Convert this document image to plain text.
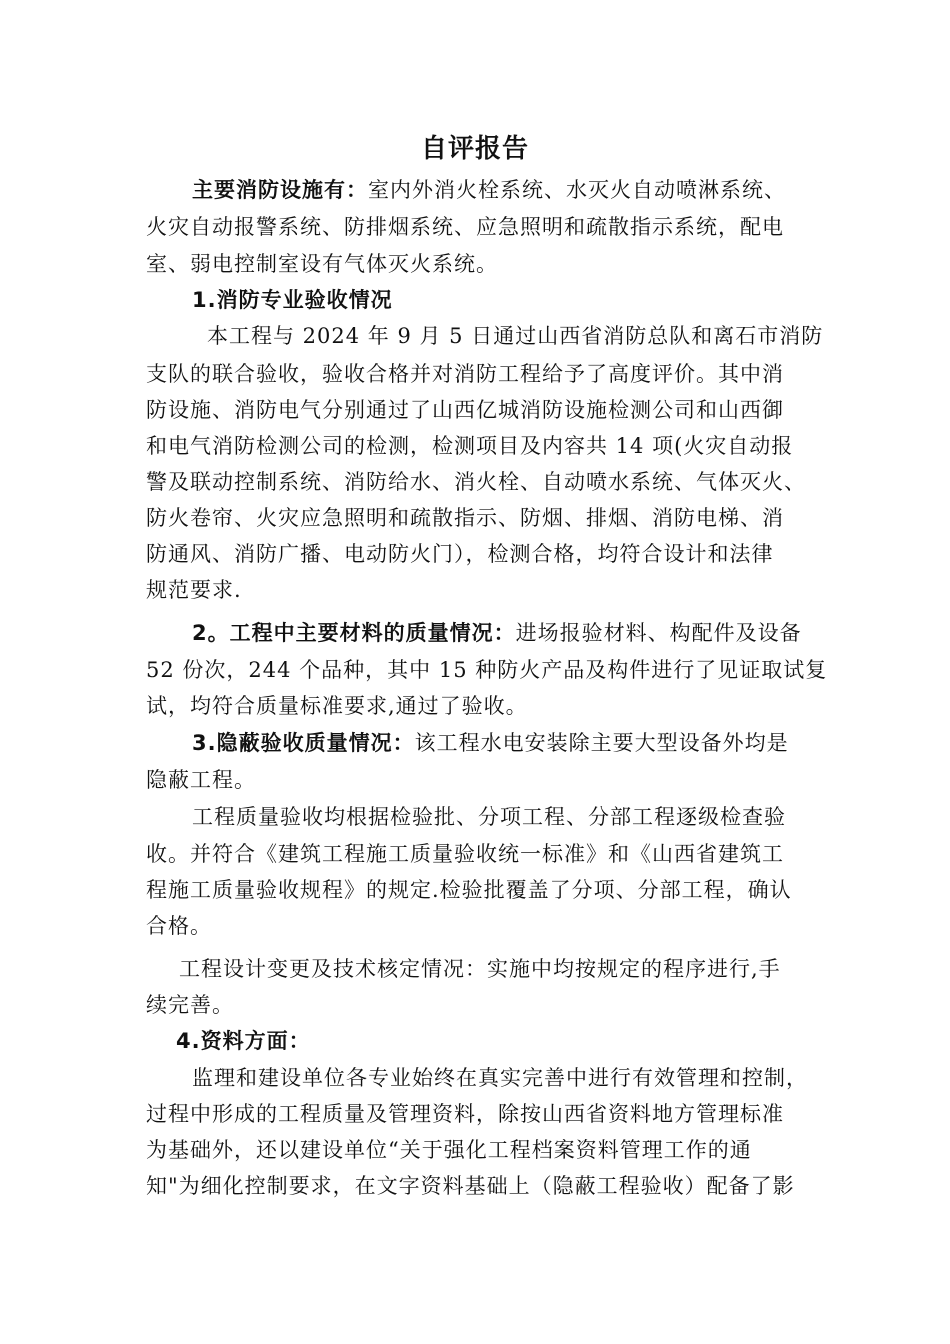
自评报告
主要消防设施有：室内外消火栓系统、水灭火自动喷淋系统、
火灾自动报警系统、防排烟系统、应急照明和疏散指示系统，配电
室、弱电控制室设有气体灭火系统。
1.消防专业验收情况
本工程与 2024 年 9 月 5 日通过山西省消防总队和离石市消防
支队的联合验收，验收合格并对消防工程给予了高度评价。其中消
防设施、消防电气分别通过了山西亿城消防设施检测公司和山西御
和电气消防检测公司的检测，检测项目及内容共 14 项(火灾自动报
警及联动控制系统、消防给水、消火栓、自动喷水系统、气体灭火、
防火卷帘、火灾应急照明和疏散指示、防烟、排烟、消防电梯、消
防通风、消防广播、电动防火门），检测合格，均符合设计和法律
规范要求.
2。工程中主要材料的质量情况：进场报验材料、构配件及设备
52 份次，244 个品种，其中 15 种防火产品及构件进行了见证取试复
试，均符合质量标准要求,通过了验收。
3.隐蔽验收质量情况：该工程水电安装除主要大型设备外均是
隐蔽工程。
工程质量验收均根据检验批、分项工程、分部工程逐级检查验
收。并符合《建筑工程施工质量验收统一标准》和《山西省建筑工
程施工质量验收规程》的规定.检验批覆盖了分项、分部工程，确认
合格。
工程设计变更及技术核定情况：实施中均按规定的程序进行,手
续完善。
4.资料方面：
监理和建设单位各专业始终在真实完善中进行有效管理和控制，
过程中形成的工程质量及管理资料，除按山西省资料地方管理标准
为基础外，还以建设单位“关于强化工程档案资料管理工作的通
知"为细化控制要求，在文字资料基础上（隐蔽工程验收）配备了影
